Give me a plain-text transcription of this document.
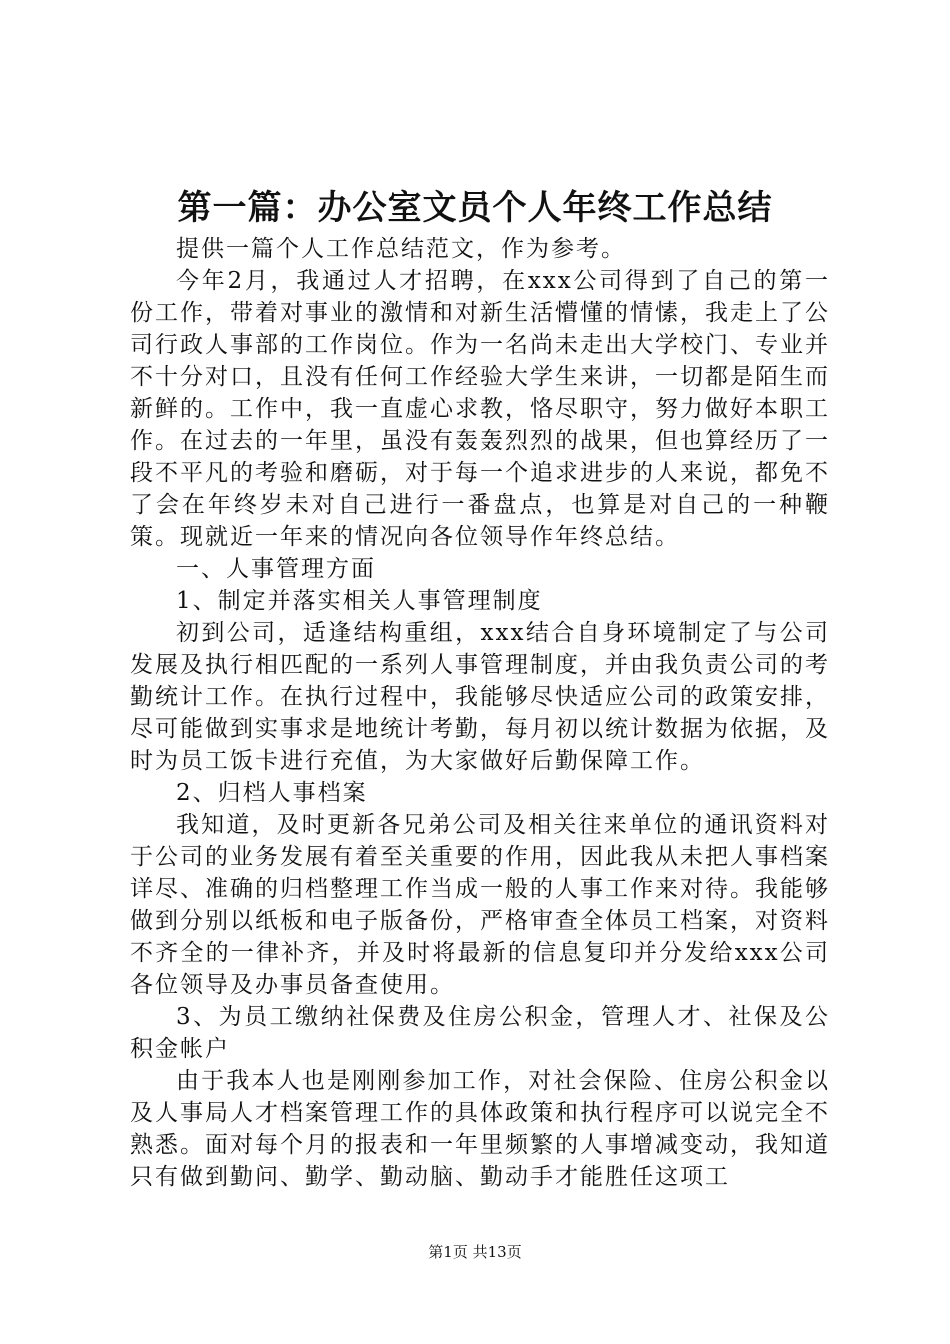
第一篇：办公室文员个人年终工作总结

提供一篇个人工作总结范文，作为参考。

今年2月，我通过人才招聘，在xxx公司得到了自己的第一份工作，带着对事业的激情和对新生活懵懂的情愫，我走上了公司行政人事部的工作岗位。作为一名尚未走出大学校门、专业并不十分对口，且没有任何工作经验大学生来讲，一切都是陌生而新鲜的。工作中，我一直虚心求教，恪尽职守，努力做好本职工作。在过去的一年里，虽没有轰轰烈烈的战果，但也算经历了一段不平凡的考验和磨砺，对于每一个追求进步的人来说，都免不了会在年终岁未对自己进行一番盘点，也算是对自己的一种鞭策。现就近一年来的情况向各位领导作年终总结。

一、人事管理方面

1、制定并落实相关人事管理制度

初到公司，适逢结构重组，xxx结合自身环境制定了与公司发展及执行相匹配的一系列人事管理制度，并由我负责公司的考勤统计工作。在执行过程中，我能够尽快适应公司的政策安排，尽可能做到实事求是地统计考勤，每月初以统计数据为依据，及时为员工饭卡进行充值，为大家做好后勤保障工作。

2、归档人事档案

我知道，及时更新各兄弟公司及相关往来单位的通讯资料对于公司的业务发展有着至关重要的作用，因此我从未把人事档案详尽、准确的归档整理工作当成一般的人事工作来对待。我能够做到分别以纸板和电子版备份，严格审查全体员工档案，对资料不齐全的一律补齐，并及时将最新的信息复印并分发给xxx公司各位领导及办事员备查使用。

3、为员工缴纳社保费及住房公积金，管理人才、社保及公积金帐户

由于我本人也是刚刚参加工作，对社会保险、住房公积金以及人事局人才档案管理工作的具体政策和执行程序可以说完全不熟悉。面对每个月的报表和一年里频繁的人事增减变动，我知道只有做到勤问、勤学、勤动脑、勤动手才能胜任这项工

第1页 共13页
